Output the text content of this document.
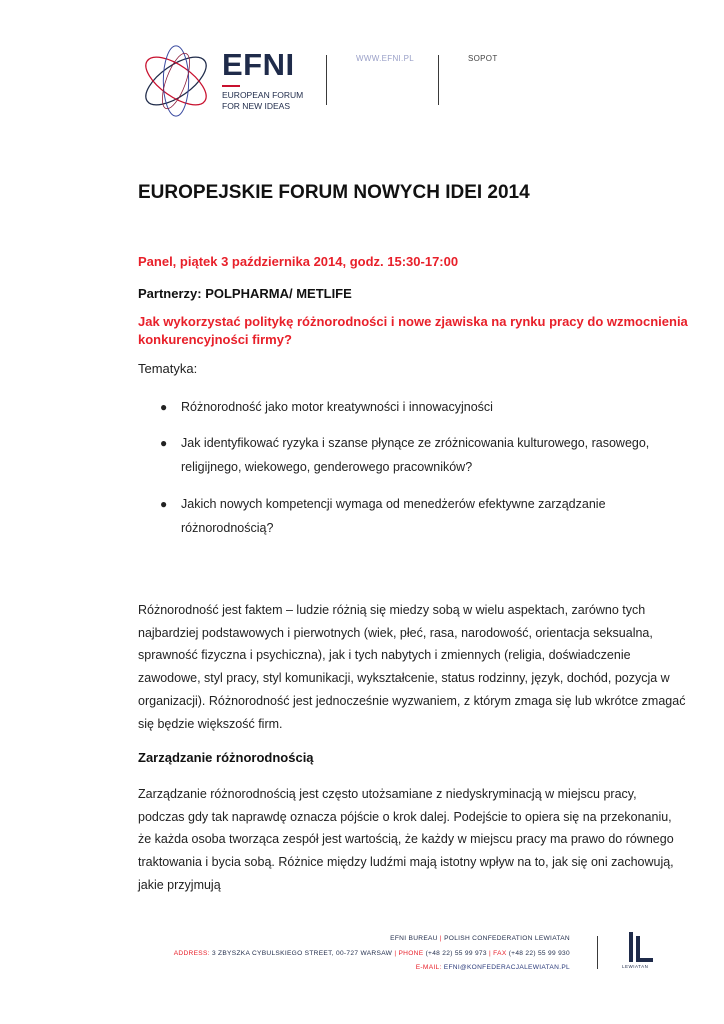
EFNI
EUROPEAN FORUM
FOR NEW IDEAS
WWW.EFNI.PL	SOPOT
EUROPEJSKIE FORUM NOWYCH IDEI 2014
Panel, piątek 3 października 2014, godz. 15:30-17:00
Partnerzy: POLPHARMA/ METLIFE
Jak wykorzystać politykę różnorodności i nowe zjawiska na rynku pracy do wzmocnienia konkurencyjności firmy?
Tematyka:
● Różnorodność jako motor kreatywności i innowacyjności
● Jak identyfikować ryzyka i szanse płynące ze zróżnicowania kulturowego, rasowego, religijnego, wiekowego, genderowego pracowników?
● Jakich nowych kompetencji wymaga od menedżerów efektywne zarządzanie różnorodnością?
Różnorodność jest faktem – ludzie różnią się miedzy sobą w wielu aspektach, zarówno tych najbardziej podstawowych i pierwotnych (wiek, płeć, rasa, narodowość, orientacja seksualna, sprawność fizyczna i psychiczna), jak i tych nabytych i zmiennych (religia, doświadczenie zawodowe, styl pracy, styl komunikacji, wykształcenie, status rodzinny, język, dochód, pozycja w organizacji). Różnorodność jest jednocześnie wyzwaniem, z którym zmaga się lub wkrótce zmagać się będzie większość firm.
Zarządzanie różnorodnością
Zarządzanie różnorodnością jest często utożsamiane z niedyskryminacją w miejscu pracy, podczas gdy tak naprawdę oznacza pójście o krok dalej. Podejście to opiera się na przekonaniu, że każda osoba tworząca zespół jest wartością, że każdy w miejscu pracy ma prawo do równego traktowania i bycia sobą. Różnice między ludźmi mają istotny wpływ na to, jak się oni zachowują, jakie przyjmują
EFNI BUREAU | POLISH CONFEDERATION LEWIATAN
ADDRESS: 3 ZBYSZKA CYBULSKIEGO STREET, 00-727 WARSAW | PHONE (+48 22) 55 99 973 | FAX (+48 22) 55 99 930
E-MAIL: EFNI@KONFEDERACJALEWIATAN.PL	LEWIATAN
